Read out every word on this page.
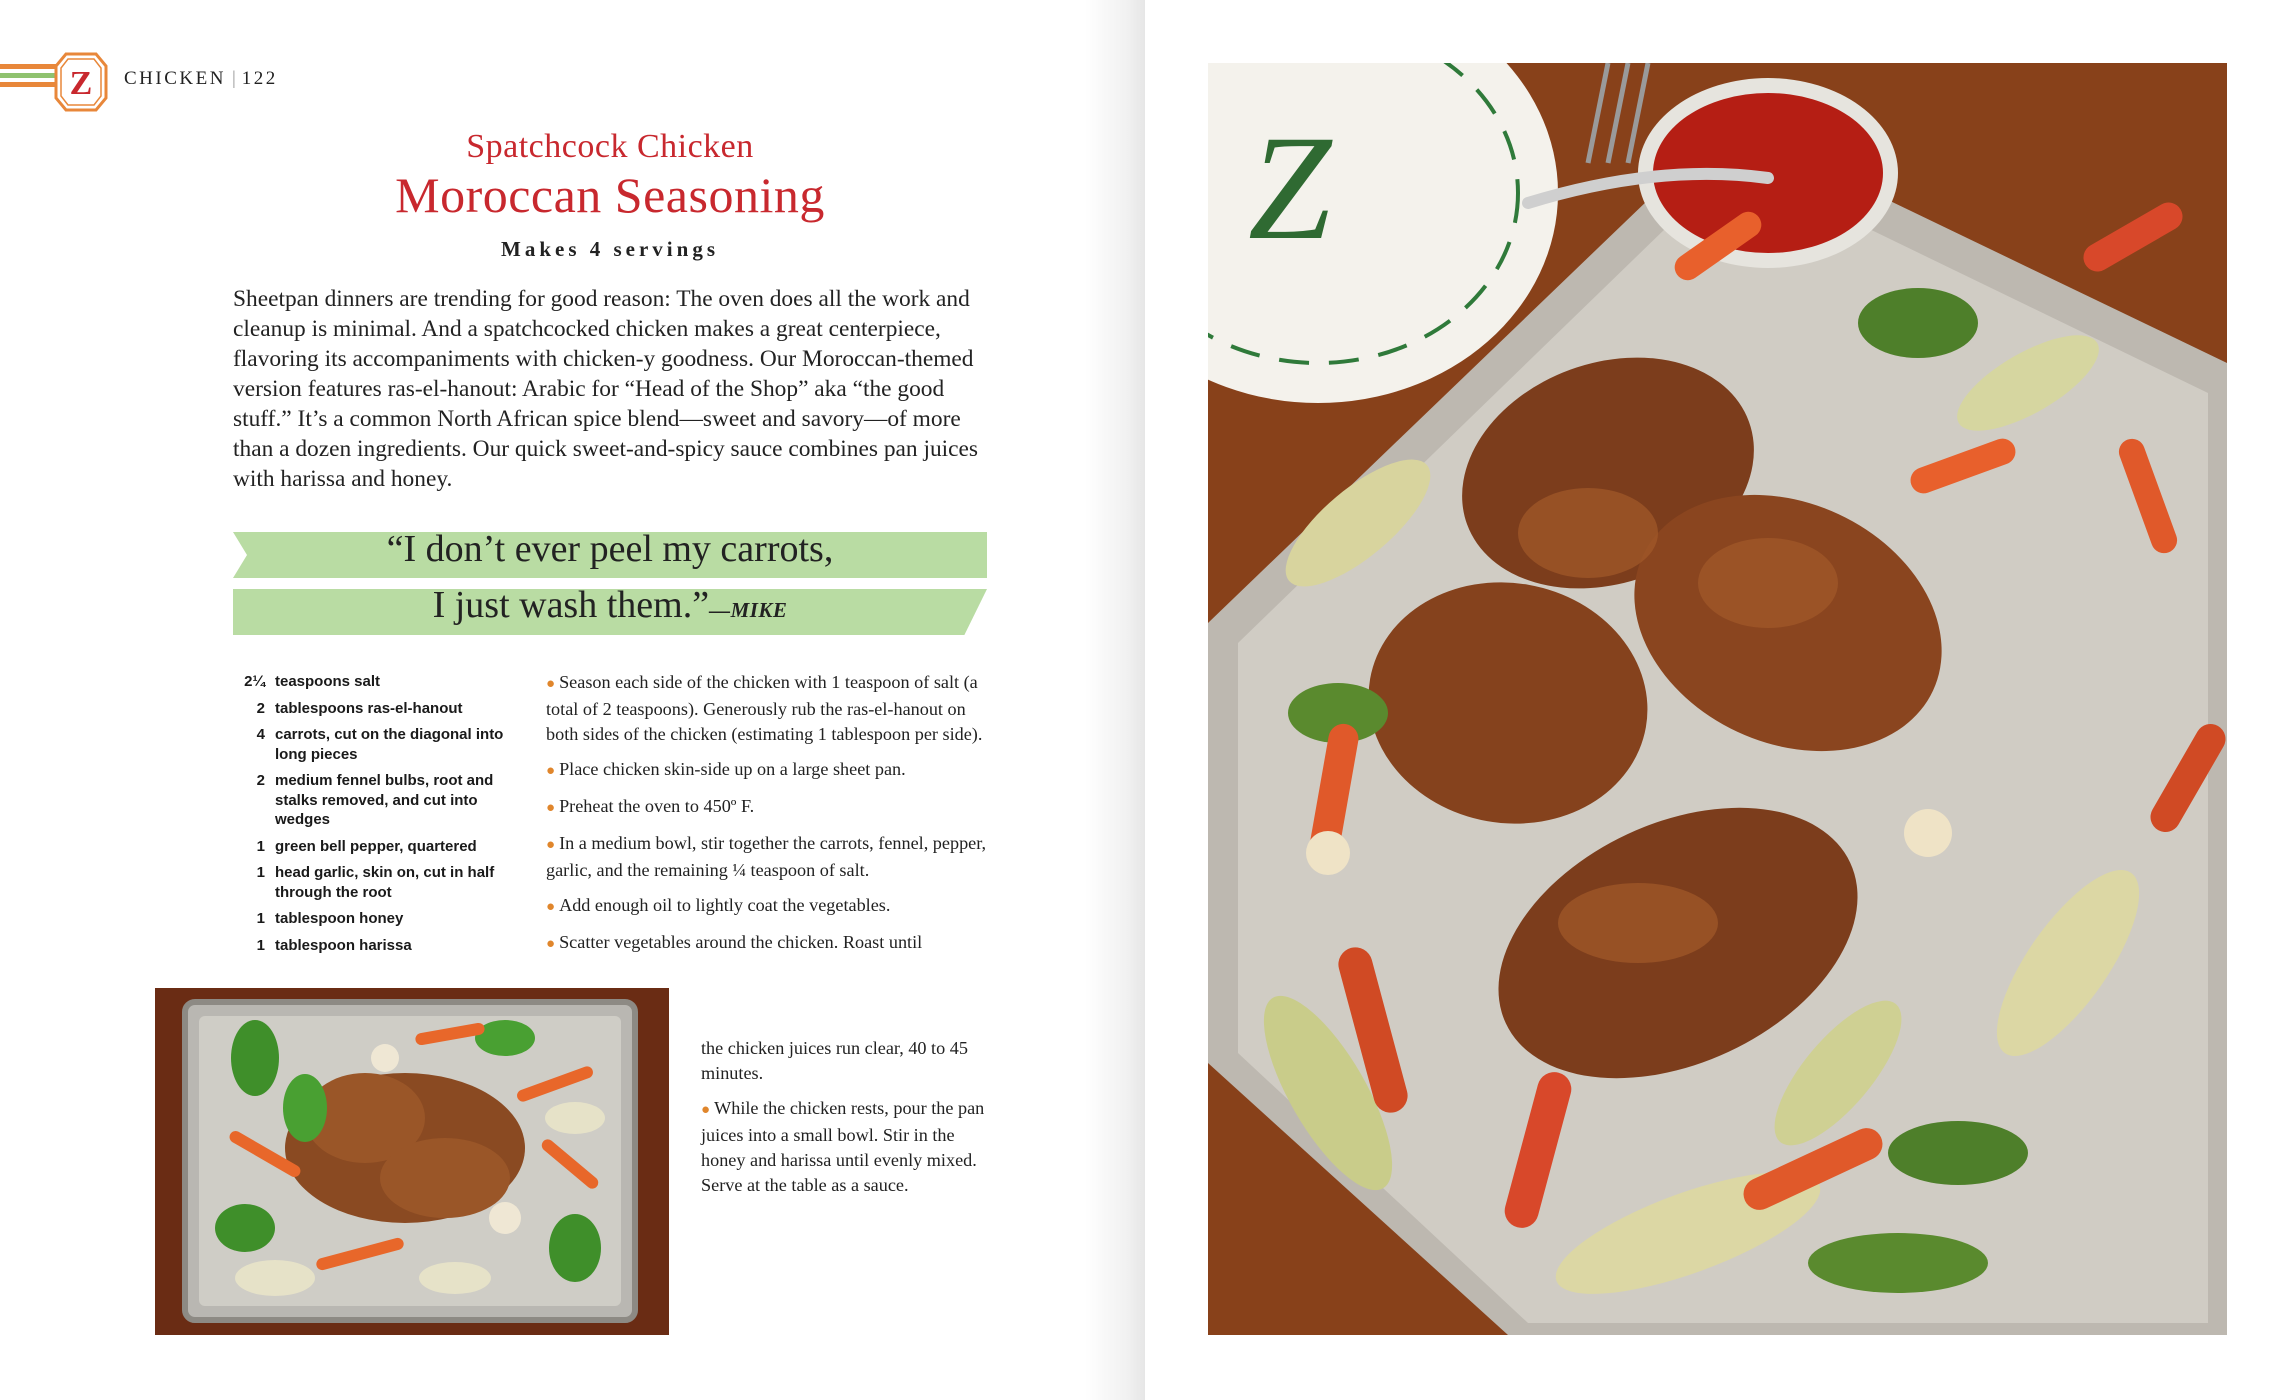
Z CHICKEN | 122
Spatchcock Chicken
Moroccan Seasoning
Makes 4 servings
Sheetpan dinners are trending for good reason: The oven does all the work and cleanup is minimal. And a spatchcocked chicken makes a great centerpiece, flavoring its accompaniments with chicken-y goodness. Our Moroccan-themed version features ras-el-hanout: Arabic for “Head of the Shop” aka “the good stuff.” It’s a common North African spice blend—sweet and savory—of more than a dozen ingredients. Our quick sweet-and-spicy sauce combines pan juices with harissa and honey.
“I don’t ever peel my carrots,
I just wash them.”—MIKE
2¼ teaspoons salt
2 tablespoons ras-el-hanout
4 carrots, cut on the diagonal into long pieces
2 medium fennel bulbs, root and stalks removed, and cut into wedges
1 green bell pepper, quartered
1 head garlic, skin on, cut in half through the root
1 tablespoon honey
1 tablespoon harissa
● Season each side of the chicken with 1 teaspoon of salt (a total of 2 teaspoons). Generously rub the ras-el-hanout on both sides of the chicken (estimating 1 tablespoon per side).
● Place chicken skin-side up on a large sheet pan.
● Preheat the oven to 450º F.
● In a medium bowl, stir together the carrots, fennel, pepper, garlic, and the remaining ¼ teaspoon of salt.
● Add enough oil to lightly coat the vegetables.
● Scatter vegetables around the chicken. Roast until
the chicken juices run clear, 40 to 45 minutes.
● While the chicken rests, pour the pan juices into a small bowl. Stir in the honey and harissa until evenly mixed. Serve at the table as a sauce.
Z
